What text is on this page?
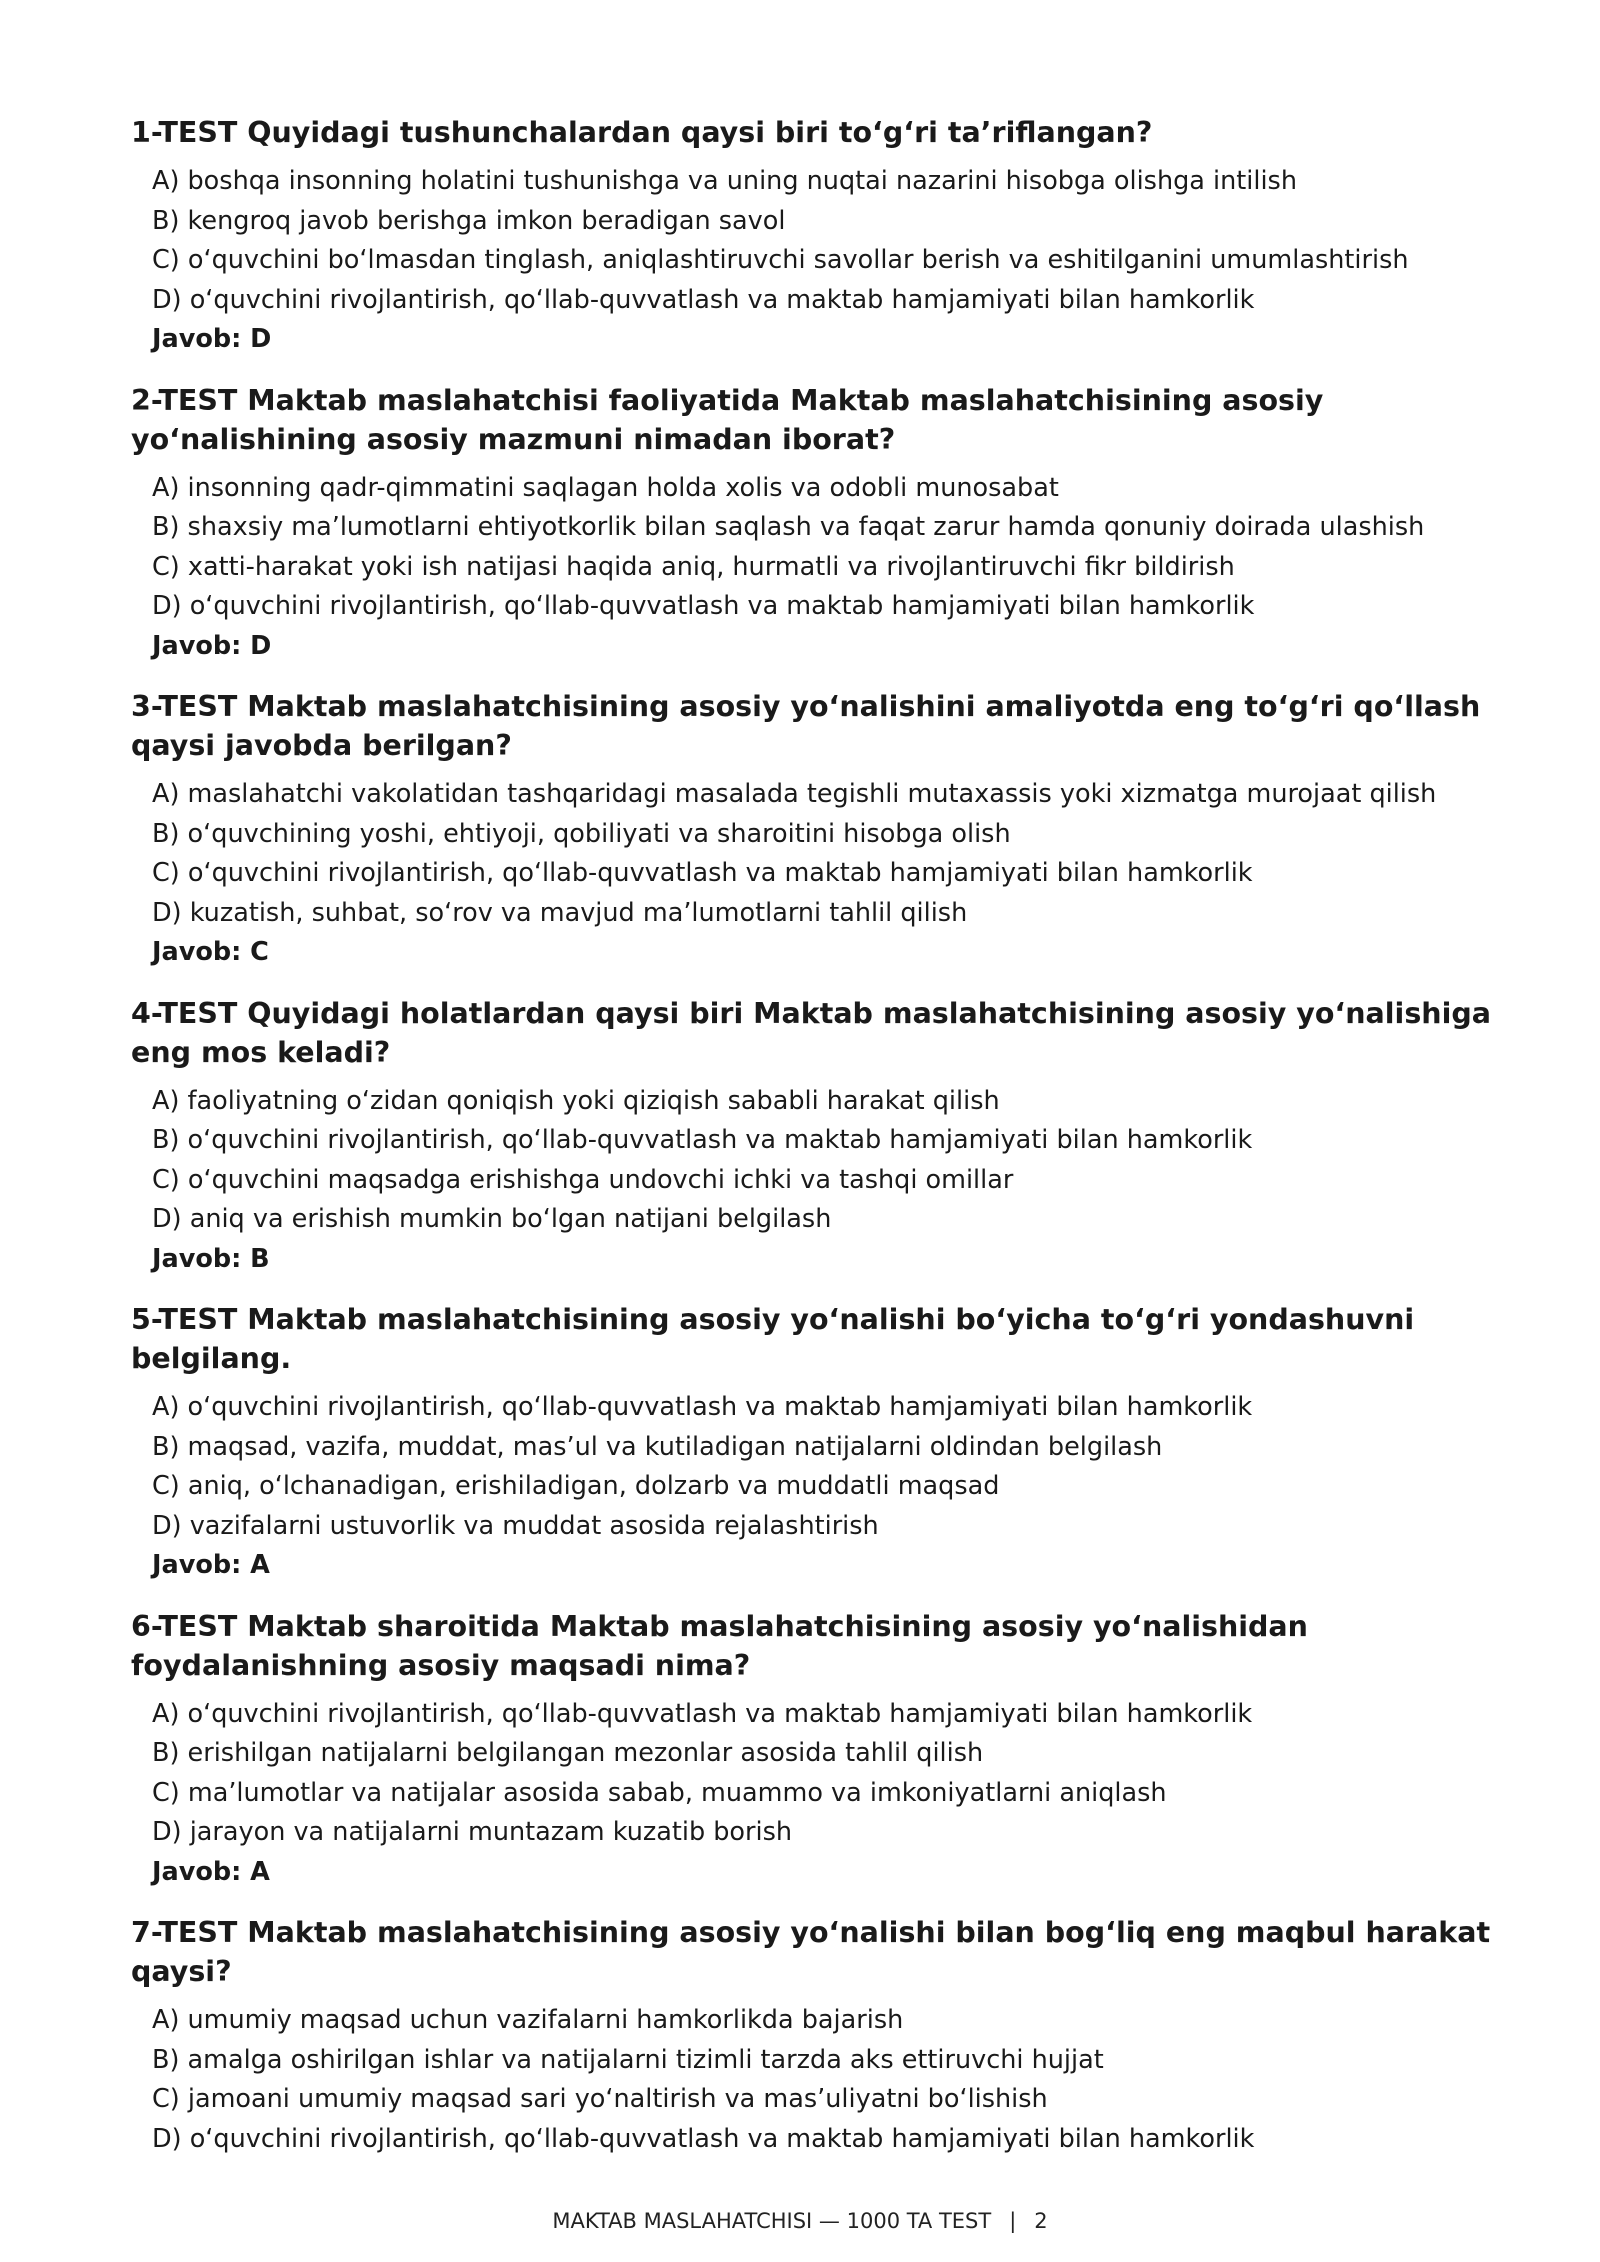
1-TEST Quyidagi tushunchalardan qaysi biri to‘g‘ri ta’riflangan?
A) boshqa insonning holatini tushunishga va uning nuqtai nazarini hisobga olishga intilish
B) kengroq javob berishga imkon beradigan savol
C) o‘quvchini bo‘lmasdan tinglash, aniqlashtiruvchi savollar berish va eshitilganini umumlashtirish
D) o‘quvchini rivojlantirish, qo‘llab-quvvatlash va maktab hamjamiyati bilan hamkorlik
Javob: D
2-TEST Maktab maslahatchisi faoliyatida Maktab maslahatchisining asosiy yo‘nalishining asosiy mazmuni nimadan iborat?
A) insonning qadr-qimmatini saqlagan holda xolis va odobli munosabat
B) shaxsiy ma’lumotlarni ehtiyotkorlik bilan saqlash va faqat zarur hamda qonuniy doirada ulashish
C) xatti-harakat yoki ish natijasi haqida aniq, hurmatli va rivojlantiruvchi fikr bildirish
D) o‘quvchini rivojlantirish, qo‘llab-quvvatlash va maktab hamjamiyati bilan hamkorlik
Javob: D
3-TEST Maktab maslahatchisining asosiy yo‘nalishini amaliyotda eng to‘g‘ri qo‘llash qaysi javobda berilgan?
A) maslahatchi vakolatidan tashqaridagi masalada tegishli mutaxassis yoki xizmatga murojaat qilish
B) o‘quvchining yoshi, ehtiyoji, qobiliyati va sharoitini hisobga olish
C) o‘quvchini rivojlantirish, qo‘llab-quvvatlash va maktab hamjamiyati bilan hamkorlik
D) kuzatish, suhbat, so‘rov va mavjud ma’lumotlarni tahlil qilish
Javob: C
4-TEST Quyidagi holatlardan qaysi biri Maktab maslahatchisining asosiy yo‘nalishiga eng mos keladi?
A) faoliyatning o‘zidan qoniqish yoki qiziqish sababli harakat qilish
B) o‘quvchini rivojlantirish, qo‘llab-quvvatlash va maktab hamjamiyati bilan hamkorlik
C) o‘quvchini maqsadga erishishga undovchi ichki va tashqi omillar
D) aniq va erishish mumkin bo‘lgan natijani belgilash
Javob: B
5-TEST Maktab maslahatchisining asosiy yo‘nalishi bo‘yicha to‘g‘ri yondashuvni belgilang.
A) o‘quvchini rivojlantirish, qo‘llab-quvvatlash va maktab hamjamiyati bilan hamkorlik
B) maqsad, vazifa, muddat, mas’ul va kutiladigan natijalarni oldindan belgilash
C) aniq, o‘lchanadigan, erishiladigan, dolzarb va muddatli maqsad
D) vazifalarni ustuvorlik va muddat asosida rejalashtirish
Javob: A
6-TEST Maktab sharoitida Maktab maslahatchisining asosiy yo‘nalishidan foydalanishning asosiy maqsadi nima?
A) o‘quvchini rivojlantirish, qo‘llab-quvvatlash va maktab hamjamiyati bilan hamkorlik
B) erishilgan natijalarni belgilangan mezonlar asosida tahlil qilish
C) ma’lumotlar va natijalar asosida sabab, muammo va imkoniyatlarni aniqlash
D) jarayon va natijalarni muntazam kuzatib borish
Javob: A
7-TEST Maktab maslahatchisining asosiy yo‘nalishi bilan bog‘liq eng maqbul harakat qaysi?
A) umumiy maqsad uchun vazifalarni hamkorlikda bajarish
B) amalga oshirilgan ishlar va natijalarni tizimli tarzda aks ettiruvchi hujjat
C) jamoani umumiy maqsad sari yo‘naltirish va mas’uliyatni bo‘lishish
D) o‘quvchini rivojlantirish, qo‘llab-quvvatlash va maktab hamjamiyati bilan hamkorlik
MAKTAB MASLAHATCHISI — 1000 TA TEST | 2
